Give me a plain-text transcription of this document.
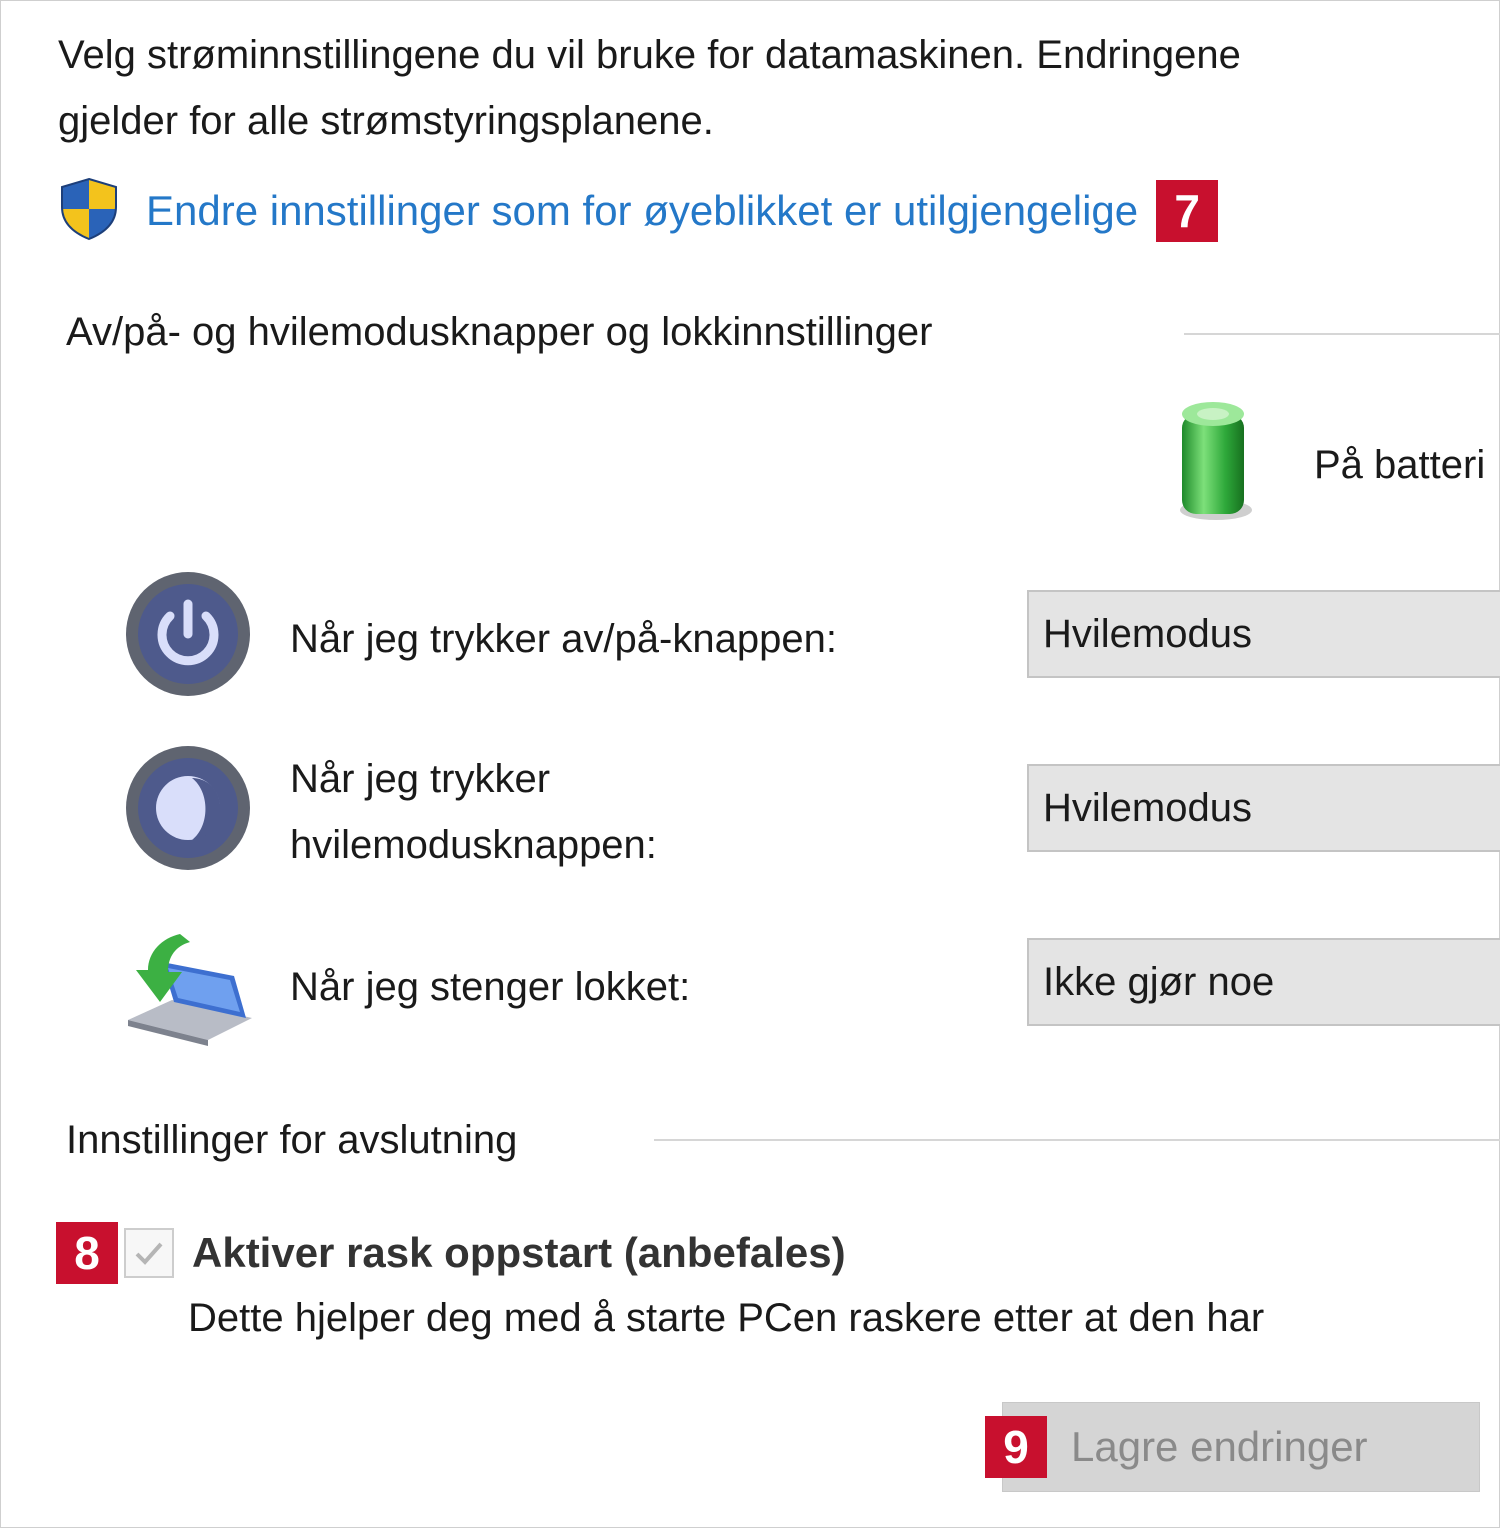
Velg strøminnstillingene du vil bruke for datamaskinen. Endringene
gjelder for alle strømstyringsplanene.
Endre innstillinger som for øyeblikket er utilgjengelige 7
Av/på- og hvilemodusknapper og lokkinnstillinger
På batteri
Når jeg trykker av/på-knappen:	Hvilemodus
Når jeg trykker
hvilemodusknappen:
Hvilemodus
Når jeg stenger lokket:	Ikke gjør noe
Innstillinger for avslutning
8	Aktiver rask oppstart (anbefales)
Dette hjelper deg med å starte PCen raskere etter at den har
9	Lagre endringer
